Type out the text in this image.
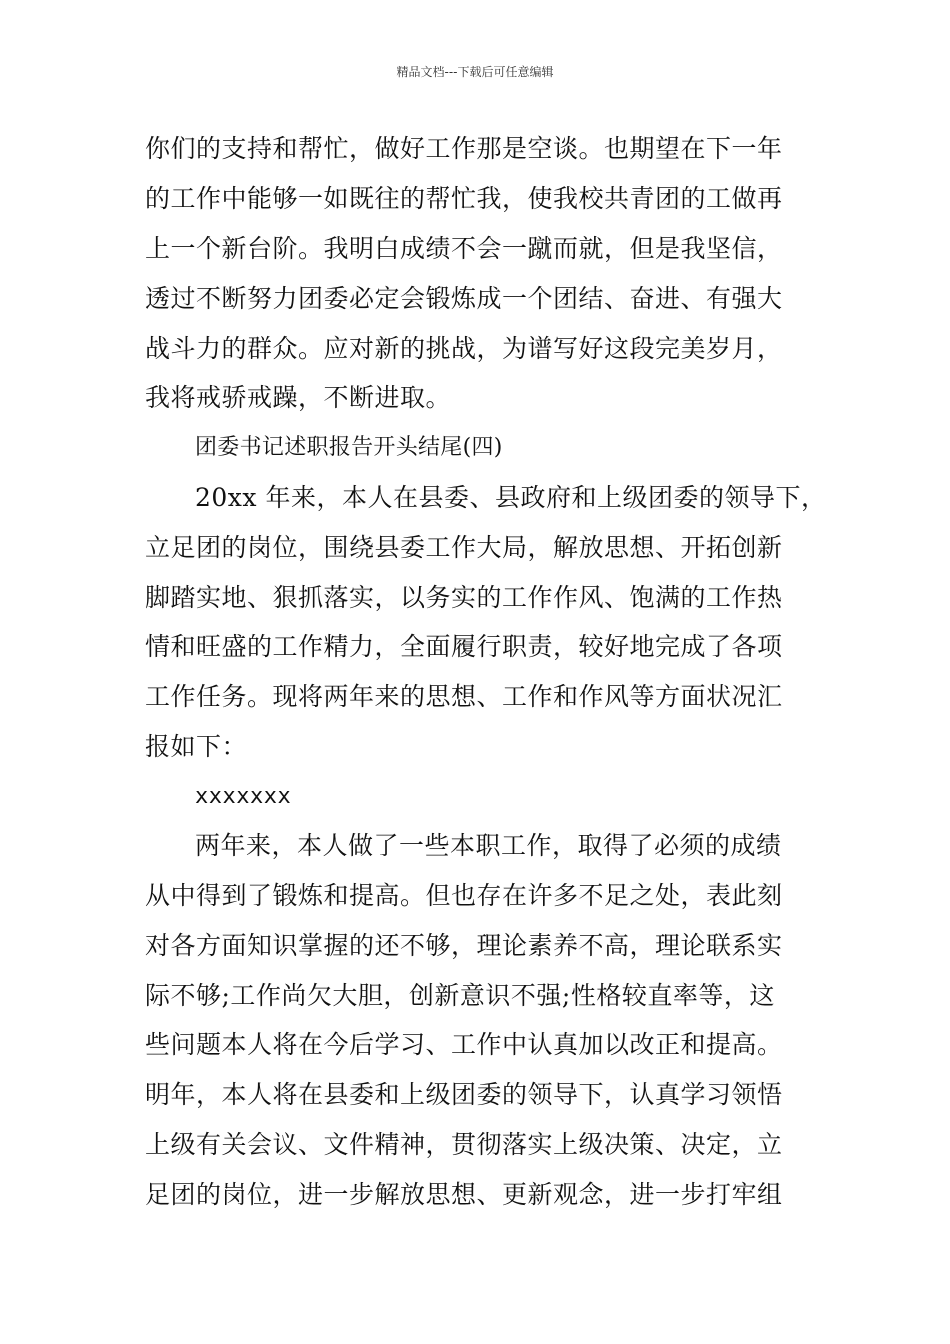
精品文档---下载后可任意编辑
你们的支持和帮忙，做好工作那是空谈。也期望在下一年
的工作中能够一如既往的帮忙我，使我校共青团的工做再
上一个新台阶。我明白成绩不会一蹴而就，但是我坚信，
透过不断努力团委必定会锻炼成一个团结、奋进、有强大
战斗力的群众。应对新的挑战，为谱写好这段完美岁月，
我将戒骄戒躁，不断进取。
团委书记述职报告开头结尾(四)
20xx 年来，本人在县委、县政府和上级团委的领导下，
立足团的岗位，围绕县委工作大局，解放思想、开拓创新
脚踏实地、狠抓落实，以务实的工作作风、饱满的工作热
情和旺盛的工作精力，全面履行职责，较好地完成了各项
工作任务。现将两年来的思想、工作和作风等方面状况汇
报如下：
xxxxxxx
两年来，本人做了一些本职工作，取得了必须的成绩
从中得到了锻炼和提高。但也存在许多不足之处，表此刻
对各方面知识掌握的还不够，理论素养不高，理论联系实
际不够;工作尚欠大胆，创新意识不强;性格较直率等，这
些问题本人将在今后学习、工作中认真加以改正和提高。
明年，本人将在县委和上级团委的领导下，认真学习领悟
上级有关会议、文件精神，贯彻落实上级决策、决定，立
足团的岗位，进一步解放思想、更新观念，进一步打牢组
